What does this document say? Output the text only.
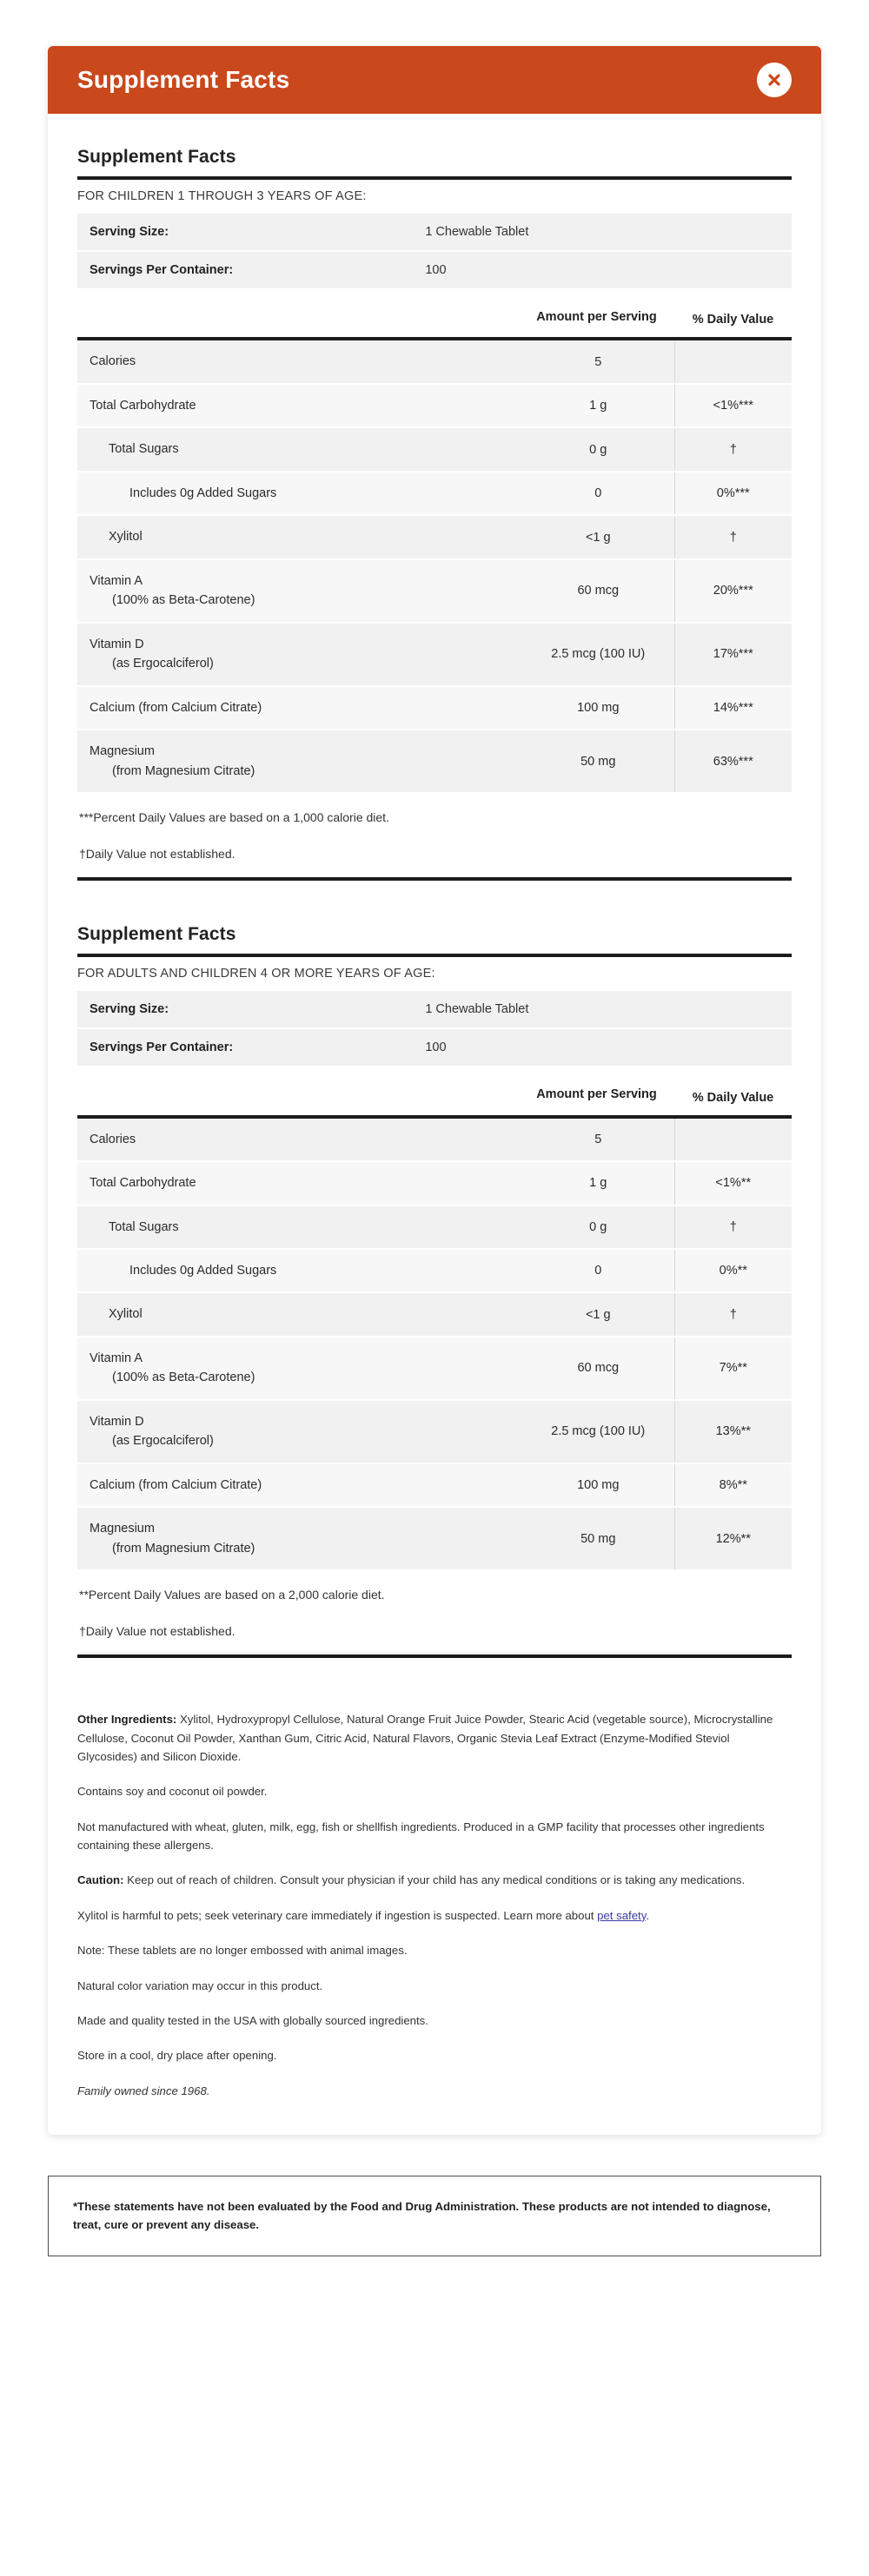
Supplement Facts
Supplement Facts
FOR CHILDREN 1 THROUGH 3 YEARS OF AGE:
Serving Size:	1 Chewable Tablet
Servings Per Container:	100
Amount per Serving	% Daily Value
Calories	5	
Total Carbohydrate	1 g	<1%***
Total Sugars	0 g	†
Includes 0g Added Sugars	0	0%***
Xylitol	<1 g	†
Vitamin A
(100% as Beta-Carotene)	60 mcg	20%***
Vitamin D
(as Ergocalciferol)	2.5 mcg (100 IU)	17%***
Calcium (from Calcium Citrate)	100 mg	14%***
Magnesium
(from Magnesium Citrate)	50 mg	63%***

***Percent Daily Values are based on a 1,000 calorie diet.

†Daily Value not established.

Supplement Facts
FOR ADULTS AND CHILDREN 4 OR MORE YEARS OF AGE:
Serving Size:	1 Chewable Tablet
Servings Per Container:	100
Amount per Serving	% Daily Value
Calories	5	
Total Carbohydrate	1 g	<1%**
Total Sugars	0 g	†
Includes 0g Added Sugars	0	0%**
Xylitol	<1 g	†
Vitamin A
(100% as Beta-Carotene)	60 mcg	7%**
Vitamin D
(as Ergocalciferol)	2.5 mcg (100 IU)	13%**
Calcium (from Calcium Citrate)	100 mg	8%**
Magnesium
(from Magnesium Citrate)	50 mg	12%**

**Percent Daily Values are based on a 2,000 calorie diet.

†Daily Value not established.

Other Ingredients: Xylitol, Hydroxypropyl Cellulose, Natural Orange Fruit Juice Powder, Stearic Acid (vegetable source), Microcrystalline Cellulose, Coconut Oil Powder, Xanthan Gum, Citric Acid, Natural Flavors, Organic Stevia Leaf Extract (Enzyme-Modified Steviol Glycosides) and Silicon Dioxide.

Contains soy and coconut oil powder.

Not manufactured with wheat, gluten, milk, egg, fish or shellfish ingredients. Produced in a GMP facility that processes other ingredients containing these allergens.

Caution: Keep out of reach of children. Consult your physician if your child has any medical conditions or is taking any medications.

Xylitol is harmful to pets; seek veterinary care immediately if ingestion is suspected. Learn more about pet safety.

Note: These tablets are no longer embossed with animal images.

Natural color variation may occur in this product.

Made and quality tested in the USA with globally sourced ingredients.

Store in a cool, dry place after opening.

Family owned since 1968.

*These statements have not been evaluated by the Food and Drug Administration. These products are not intended to diagnose, treat, cure or prevent any disease.
